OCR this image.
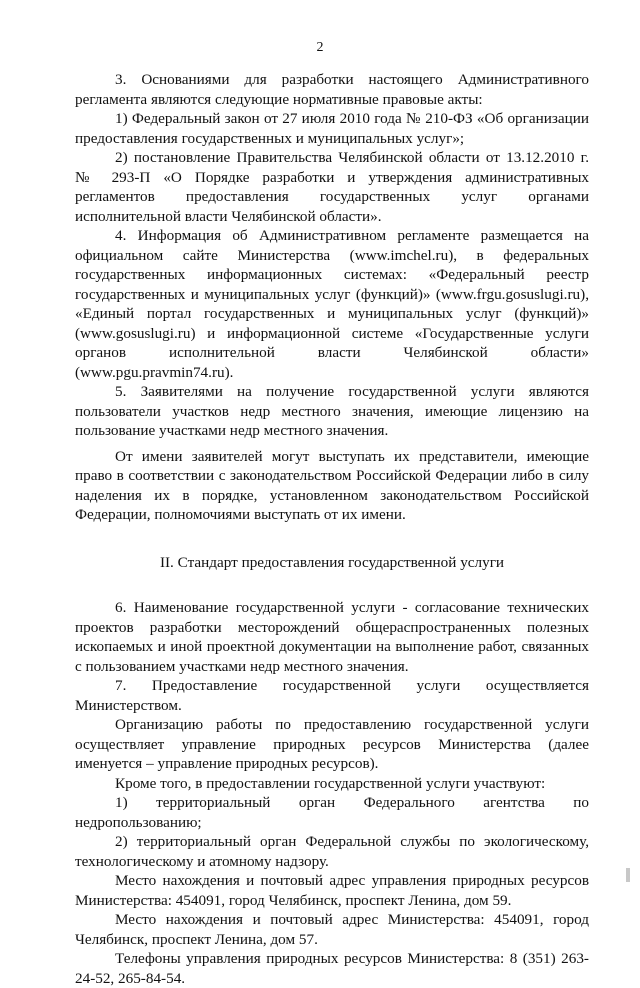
2

3. Основаниями для разработки настоящего Административного регламента являются следующие нормативные правовые акты:

1) Федеральный закон от 27 июля 2010 года № 210-ФЗ «Об организации предоставления государственных и муниципальных услуг»;

2) постановление Правительства Челябинской области от 13.12.2010 г. № 293-П «О Порядке разработки и утверждения административных регламентов предоставления государственных услуг органами исполнительной власти Челябинской области».

4. Информация об Административном регламенте размещается на официальном сайте Министерства (www.imchel.ru), в федеральных государственных информационных системах: «Федеральный реестр государственных и муниципальных услуг (функций)» (www.frgu.gosuslugi.ru), «Единый портал государственных и муниципальных услуг (функций)» (www.gosuslugi.ru) и информационной системе «Государственные услуги органов исполнительной власти Челябинской области» (www.pgu.pravmin74.ru).

5. Заявителями на получение государственной услуги являются пользователи участков недр местного значения, имеющие лицензию на пользование участками недр местного значения.

От имени заявителей могут выступать их представители, имеющие право в соответствии с законодательством Российской Федерации либо в силу наделения их в порядке, установленном законодательством Российской Федерации, полномочиями выступать от их имени.

II. Стандарт предоставления государственной услуги

6. Наименование государственной услуги - согласование технических проектов разработки месторождений общераспространенных полезных ископаемых и иной проектной документации на выполнение работ, связанных с пользованием участками недр местного значения.

7. Предоставление государственной услуги осуществляется Министерством.

Организацию работы по предоставлению государственной услуги осуществляет управление природных ресурсов Министерства (далее именуется – управление природных ресурсов).

Кроме того, в предоставлении государственной услуги участвуют:

1) территориальный орган Федерального агентства по недропользованию;

2) территориальный орган Федеральной службы по экологическому, технологическому и атомному надзору.

Место нахождения и почтовый адрес управления природных ресурсов Министерства: 454091, город Челябинск, проспект Ленина, дом 59.

Место нахождения и почтовый адрес Министерства: 454091, город Челябинск, проспект Ленина, дом 57.

Телефоны управления природных ресурсов Министерства: 8 (351) 263-24-52, 265-84-54.
